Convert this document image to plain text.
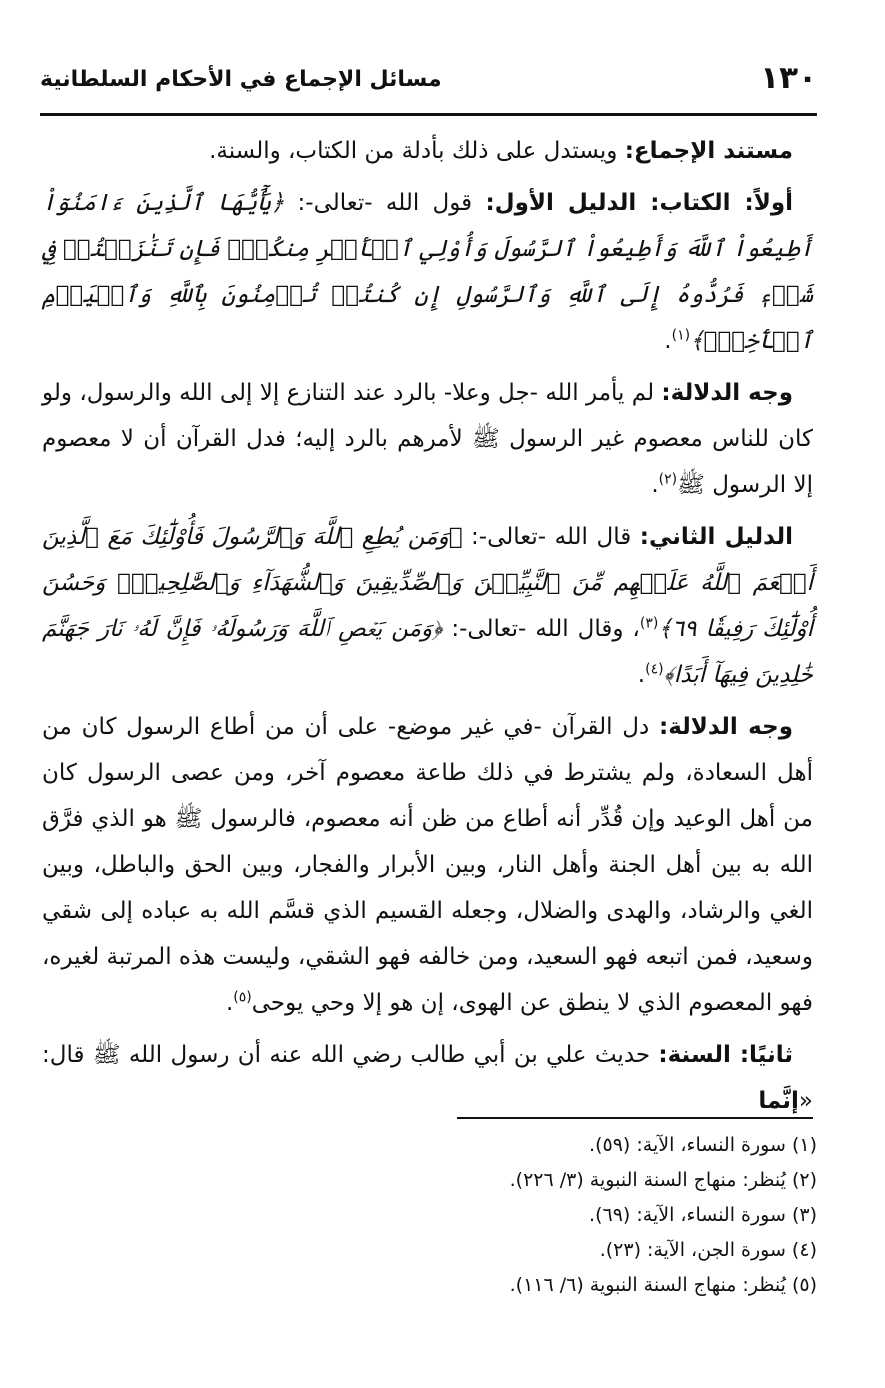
١٣٠
مسائل الإجماع في الأحكام السلطانية

مستند الإجماع: ويستدل على ذلك بأدلة من الكتاب، والسنة.

أولاً: الكتاب: الدليل الأول: قول الله -تعالى-: ﴿يَٰٓأَيُّهَا ٱلَّذِينَ ءَامَنُوٓاْ أَطِيعُواْ ٱللَّهَ وَأَطِيعُواْ ٱلرَّسُولَ وَأُوْلِي ٱلۡأَمۡرِ مِنكُمۡۖ فَإِن تَنَٰزَعۡتُمۡ فِي شَيۡءٖ فَرُدُّوهُ إِلَى ٱللَّهِ وَٱلرَّسُولِ إِن كُنتُمۡ تُؤۡمِنُونَ بِٱللَّهِ وَٱلۡيَوۡمِ ٱلۡأٓخِرِۚ﴾$^{(١)}$.

وجه الدلالة: لم يأمر الله -جل وعلا- بالرد عند التنازع إلا إلى الله والرسول، ولو كان للناس معصوم غير الرسول ﷺ لأمرهم بالرد إليه؛ فدل القرآن أن لا معصوم إلا الرسول ﷺ$^{(٢)}$.

الدليل الثاني: قال الله -تعالى-: ﴿وَمَن يُطِعِ ٱللَّهَ وَٱلرَّسُولَ فَأُوْلَٰٓئِكَ مَعَ ٱلَّذِينَ أَنۡعَمَ ٱللَّهُ عَلَيۡهِم مِّنَ ٱلنَّبِيِّـۧنَ وَٱلصِّدِّيقِينَ وَٱلشُّهَدَآءِ وَٱلصَّٰلِحِينَۚ وَحَسُنَ أُوْلَٰٓئِكَ رَفِيقٗا ٦٩﴾$^{(٣)}$، وقال الله -تعالى-: ﴿وَمَن يَعۡصِ ٱللَّهَ وَرَسُولَهُۥ فَإِنَّ لَهُۥ نَارَ جَهَنَّمَ خَٰلِدِينَ فِيهَآ أَبَدًا﴾$^{(٤)}$.

وجه الدلالة: دل القرآن -في غير موضع- على أن من أطاع الرسول كان من أهل السعادة، ولم يشترط في ذلك طاعة معصوم آخر، ومن عصى الرسول كان من أهل الوعيد وإن قُدِّر أنه أطاع من ظن أنه معصوم، فالرسول ﷺ هو الذي فرَّق الله به بين أهل الجنة وأهل النار، وبين الأبرار والفجار، وبين الحق والباطل، وبين الغي والرشاد، والهدى والضلال، وجعله القسيم الذي قسَّم الله به عباده إلى شقي وسعيد، فمن اتبعه فهو السعيد، ومن خالفه فهو الشقي، وليست هذه المرتبة لغيره، فهو المعصوم الذي لا ينطق عن الهوى، إن هو إلا وحي يوحى$^{(٥)}$.

ثانيًا: السنة: حديث علي بن أبي طالب رضي الله عنه أن رسول الله ﷺ قال: «إنَّما

(١) سورة النساء، الآية: (٥٩).
(٢) يُنظر: منهاج السنة النبوية (٣/ ٢٢٦).
(٣) سورة النساء، الآية: (٦٩).
(٤) سورة الجن، الآية: (٢٣).
(٥) يُنظر: منهاج السنة النبوية (٦/ ١١٦).
